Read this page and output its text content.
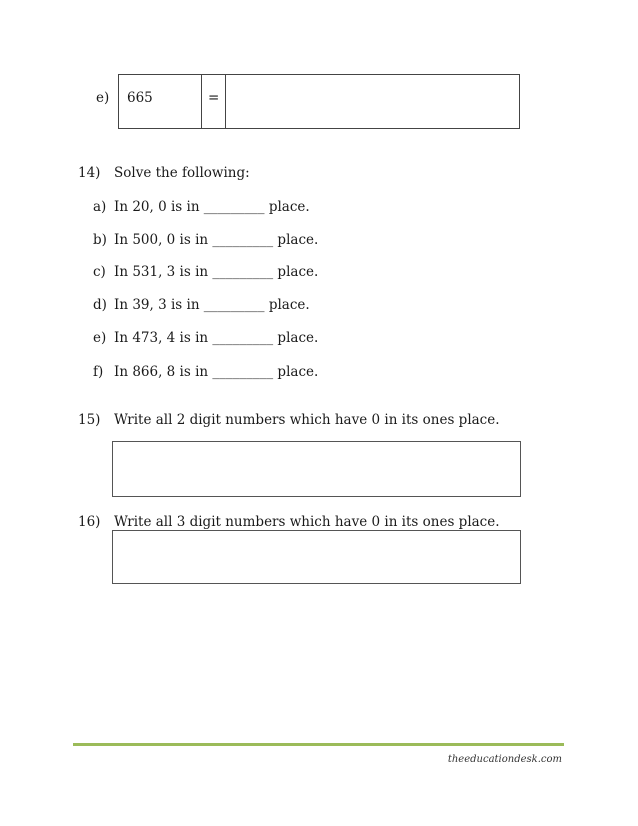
e) 665	=
14) Solve the following:
a) In 20, 0 is in _________ place.
b) In 500, 0 is in _________ place.
c) In 531, 3 is in _________ place.
d) In 39, 3 is in _________ place.
e) In 473, 4 is in _________ place.
f) In 866, 8 is in _________ place.
15) Write all 2 digit numbers which have 0 in its ones place.
16) Write all 3 digit numbers which have 0 in its ones place.
theeducationdesk.com
